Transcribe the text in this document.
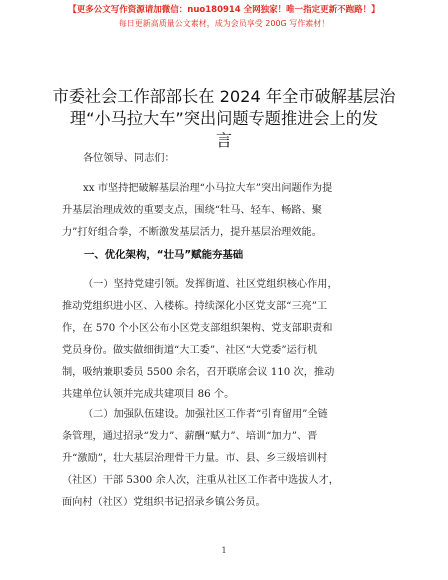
【更多公文写作资源请加微信：nuo180914 全网独家！唯一指定更新不跑路！】
每日更新高质量公文素材，成为会员享受 200G 写作素材！
市委社会工作部部长在 2024 年全市破解基层治
理“小马拉大车”突出问题专题推进会上的发
言
各位领导、同志们：
xx 市坚持把破解基层治理“小马拉大车”突出问题作为提
升基层治理成效的重要支点，围绕“牡马、轻车、畅路、聚
力”打好组合拳，不断激发基层活力，提升基层治理效能。
一、优化架构，“壮马”赋能夯基础
（一）坚持党建引领。发挥街道、社区党组织核心作用，
推动党组织进小区、入楼栋。持续深化小区党支部“三亮”工
作，在 570 个小区公布小区党支部组织架构、党支部职责和
党员身份。做实做细街道“大工委”、社区“大党委”运行机
制，吸纳兼职委员 5500 余名，召开联席会议 110 次，推动
共建单位认领并完成共建项目 86 个。
（二）加强队伍建设。加强社区工作者“引育留用”全链
条管理，通过招录“发力”、薪酬“赋力”、培训“加力”、晋
升“激励”，壮大基层治理骨干力量。市、县、乡三级培训村
（社区）干部 5300 余人次，注重从社区工作者中选拔人才，
面向村（社区）党组织书记招录乡镇公务员。
1
